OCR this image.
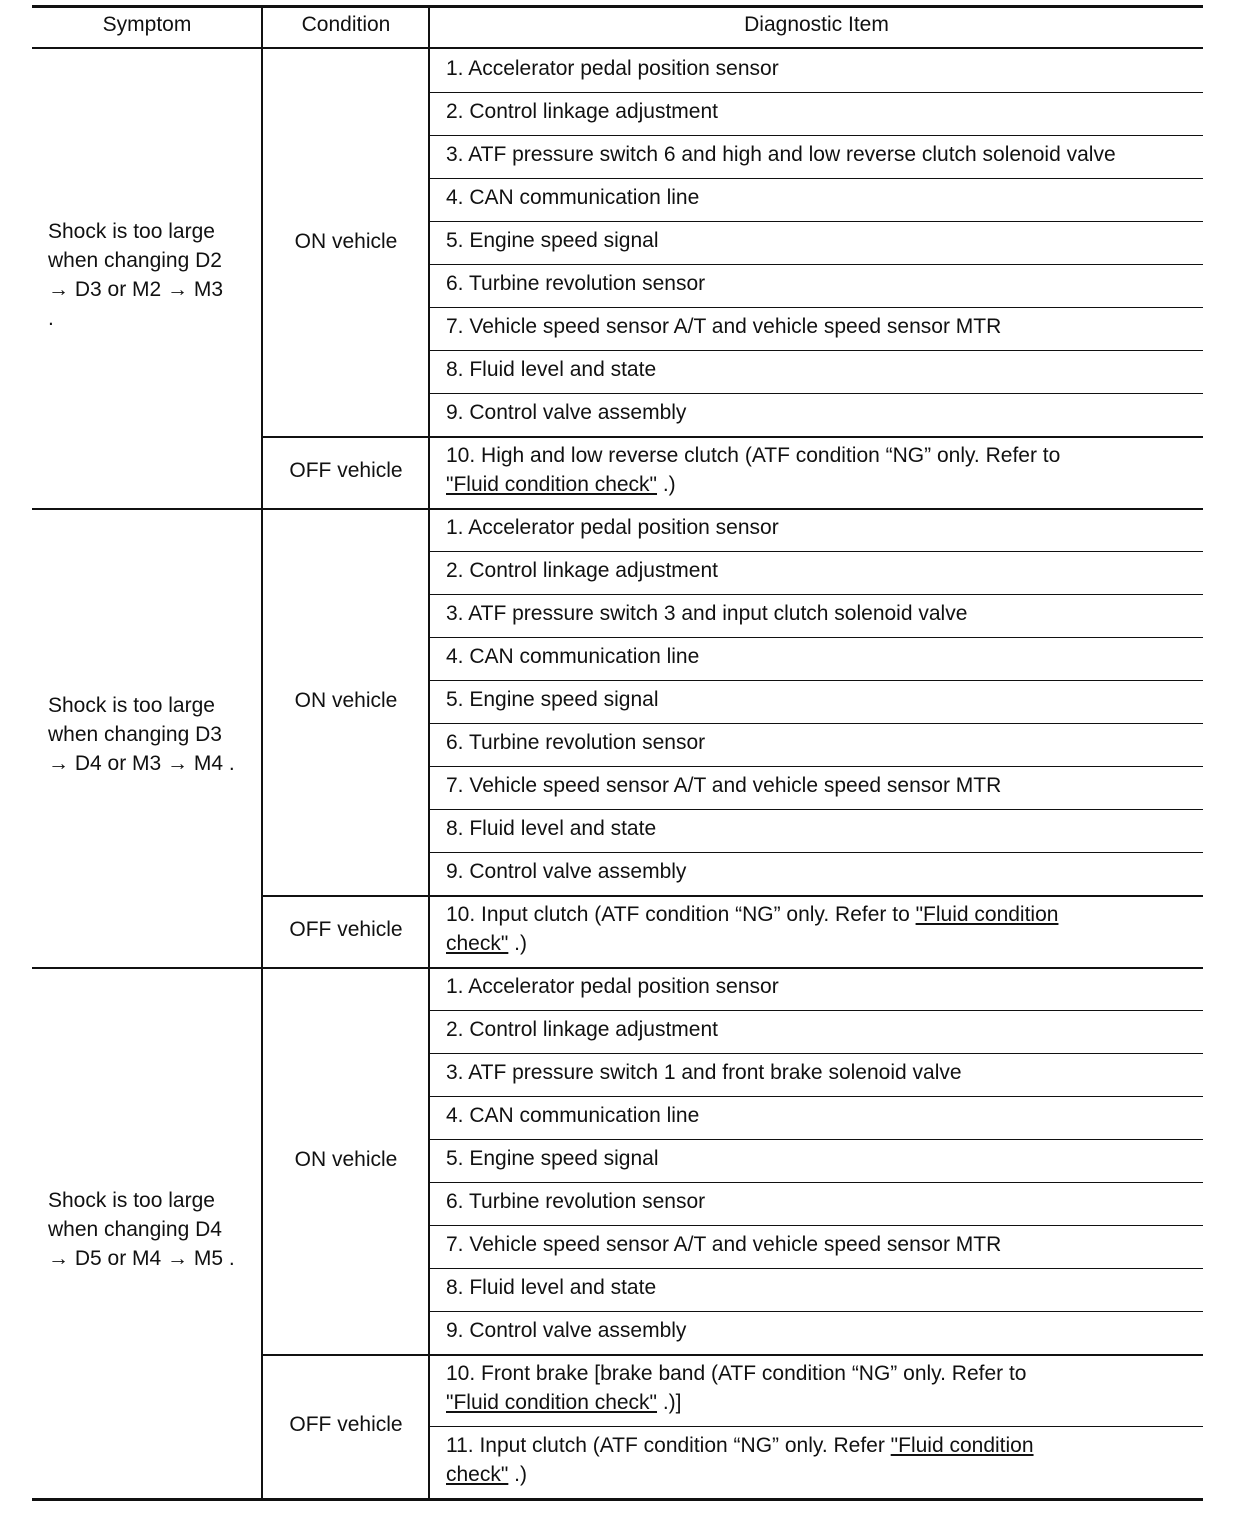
Symptom	Condition	Diagnostic Item
1. Accelerator pedal position sensor
2. Control linkage adjustment
3. ATF pressure switch 6 and high and low reverse clutch solenoid valve
4. CAN communication line
5. Engine speed signal
6. Turbine revolution sensor
7. Vehicle speed sensor A/T and vehicle speed sensor MTR
8. Fluid level and state
9. Control valve assembly
10. High and low reverse clutch (ATF condition “NG” only. Refer to
"Fluid condition check" .)
ON vehicle
OFF vehicle
Shock is too large
when changing D2
→ D3 or M2 → M3
.
1. Accelerator pedal position sensor
2. Control linkage adjustment
3. ATF pressure switch 3 and input clutch solenoid valve
4. CAN communication line
5. Engine speed signal
6. Turbine revolution sensor
7. Vehicle speed sensor A/T and vehicle speed sensor MTR
8. Fluid level and state
9. Control valve assembly
10. Input clutch (ATF condition “NG” only. Refer to "Fluid condition
check" .)
ON vehicle
OFF vehicle
Shock is too large
when changing D3
→ D4 or M3 → M4 .
1. Accelerator pedal position sensor
2. Control linkage adjustment
3. ATF pressure switch 1 and front brake solenoid valve
4. CAN communication line
5. Engine speed signal
6. Turbine revolution sensor
7. Vehicle speed sensor A/T and vehicle speed sensor MTR
8. Fluid level and state
9. Control valve assembly
10. Front brake [brake band (ATF condition “NG” only. Refer to
"Fluid condition check" .)]
11. Input clutch (ATF condition “NG” only. Refer "Fluid condition
check" .)
ON vehicle
OFF vehicle
Shock is too large
when changing D4
→ D5 or M4 → M5 .
